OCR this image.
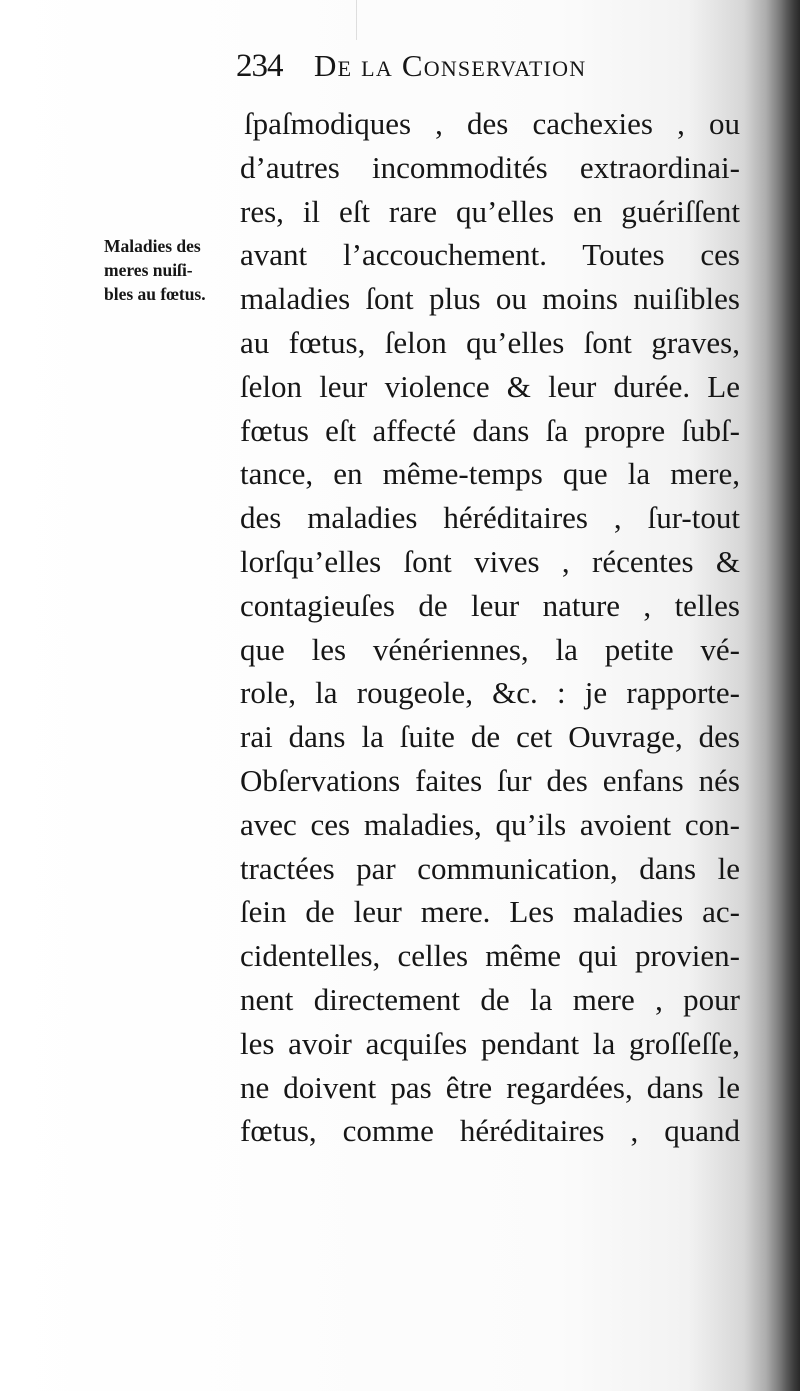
234 De la Conservation
Maladies des
meres nuiſi-
bles au fœtus.
ſpaſmodiques , des cachexies , ou
d’autres incommodités extraordinai-
res, il eſt rare qu’elles en guériſſent
avant l’accouchement. Toutes ces
maladies ſont plus ou moins nuiſibles
au fœtus, ſelon qu’elles ſont graves,
ſelon leur violence & leur durée. Le
fœtus eſt affecté dans ſa propre ſubſ-
tance, en même-temps que la mere,
des maladies héréditaires , ſur-tout
lorſqu’elles ſont vives , récentes &
contagieuſes de leur nature , telles
que les vénériennes, la petite vé-
role, la rougeole, &c. : je rapporte-
rai dans la ſuite de cet Ouvrage, des
Obſervations faites ſur des enfans nés
avec ces maladies, qu’ils avoient con-
tractées par communication, dans le
ſein de leur mere. Les maladies ac-
cidentelles, celles même qui provien-
nent directement de la mere , pour
les avoir acquiſes pendant la groſſeſſe,
ne doivent pas être regardées, dans le
fœtus, comme héréditaires , quand
